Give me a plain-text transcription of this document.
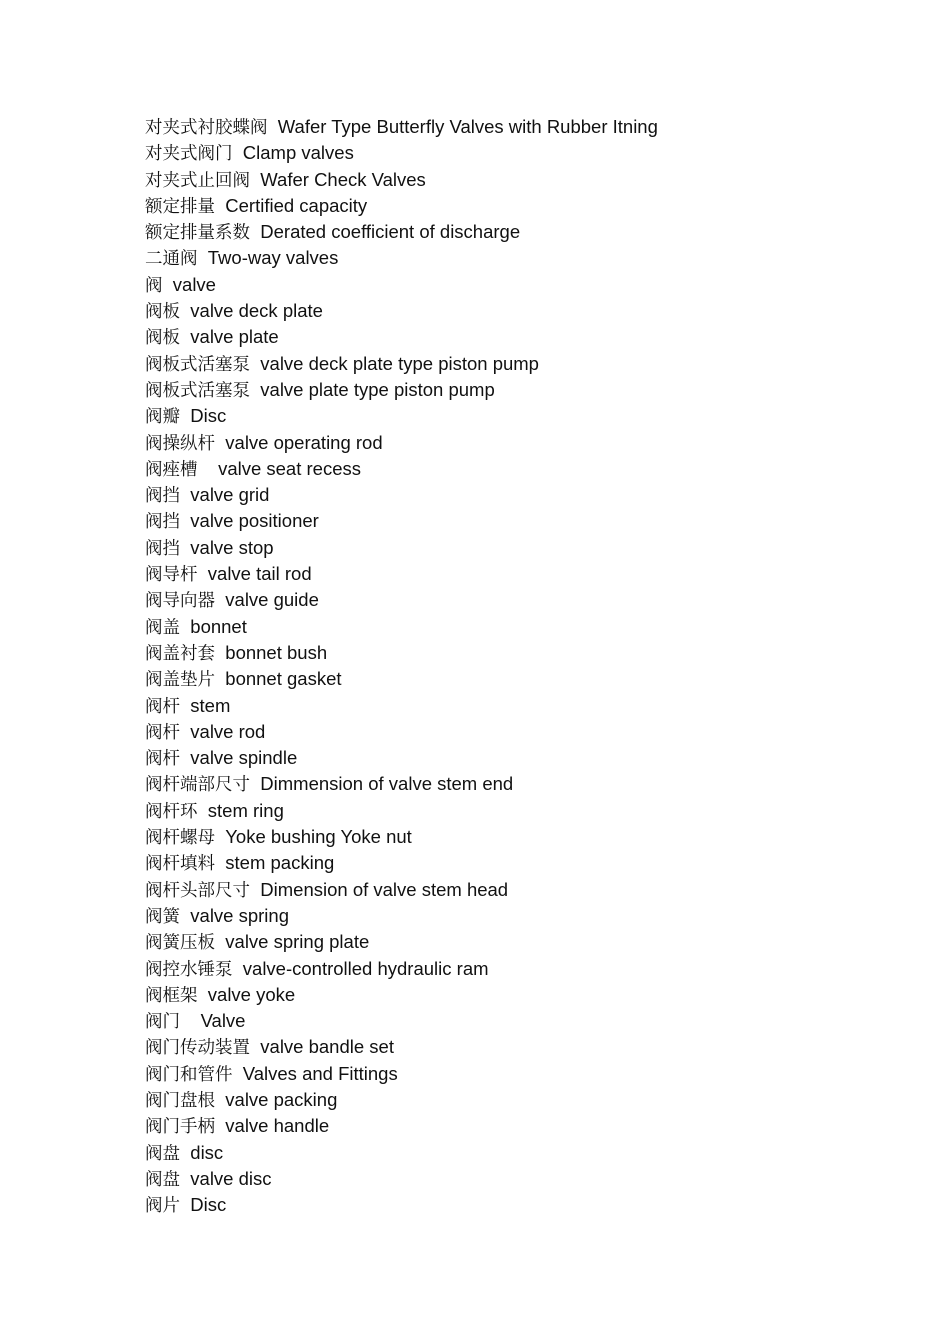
对夹式衬胶蝶阀 Wafer Type Butterfly Valves with Rubber Itning
对夹式阀门 Clamp valves
对夹式止回阀 Wafer Check Valves
额定排量 Certified capacity
额定排量系数 Derated coefficient of discharge
二通阀 Two-way valves
阀 valve
阀板 valve deck plate
阀板 valve plate
阀板式活塞泵 valve deck plate type piston pump
阀板式活塞泵 valve plate type piston pump
阀瓣 Disc
阀操纵杆 valve operating rod
阀痤槽 valve seat recess
阀挡 valve grid
阀挡 valve positioner
阀挡 valve stop
阀导杆 valve tail rod
阀导向器 valve guide
阀盖 bonnet
阀盖衬套 bonnet bush
阀盖垫片 bonnet gasket
阀杆 stem
阀杆 valve rod
阀杆 valve spindle
阀杆端部尺寸 Dimmension of valve stem end
阀杆环 stem ring
阀杆螺母 Yoke bushing Yoke nut
阀杆填料 stem packing
阀杆头部尺寸 Dimension of valve stem head
阀簧 valve spring
阀簧压板 valve spring plate
阀控水锤泵 valve-controlled hydraulic ram
阀框架 valve yoke
阀门 Valve
阀门传动装置 valve bandle set
阀门和管件 Valves and Fittings
阀门盘根 valve packing
阀门手柄 valve handle
阀盘 disc
阀盘 valve disc
阀片 Disc
